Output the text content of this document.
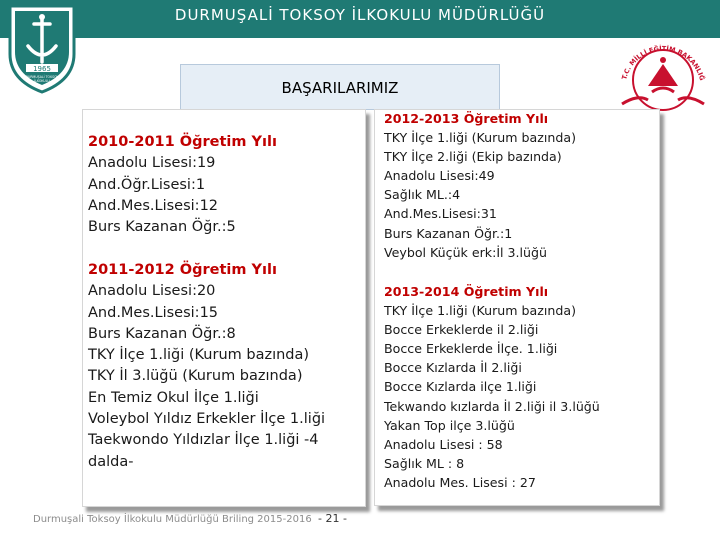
DURMUŞALİ TOKSOY İLKOKULU MÜDÜRLÜĞÜ
1965
DURMUŞALİ TOKSOY
İLKOKULU
T.C. MİLLİ EĞİTİM BAKANLIĞ
BAŞARILARIMIZ
2010-2011 Öğretim Yılı
Anadolu Lisesi:19
And.Öğr.Lisesi:1
And.Mes.Lisesi:12
Burs Kazanan Öğr.:5
2011-2012 Öğretim Yılı
Anadolu Lisesi:20
And.Mes.Lisesi:15
Burs Kazanan Öğr.:8
TKY İlçe 1.liği (Kurum bazında)
TKY İl 3.lüğü (Kurum bazında)
En Temiz Okul İlçe 1.liği
Voleybol Yıldız Erkekler İlçe 1.liği
Taekwondo Yıldızlar İlçe 1.liği -4
dalda-
2012-2013 Öğretim Yılı
TKY İlçe 1.liği (Kurum bazında)
TKY İlçe 2.liği (Ekip bazında)
Anadolu Lisesi:49
Sağlık ML.:4
And.Mes.Lisesi:31
Burs Kazanan Öğr.:1
Veybol Küçük erk:İl 3.lüğü
2013-2014 Öğretim Yılı
TKY İlçe 1.liği (Kurum bazında)
Bocce Erkeklerde il 2.liği
Bocce Erkeklerde İlçe. 1.liği
Bocce Kızlarda İl 2.liği
Bocce Kızlarda ilçe 1.liği
Tekwando kızlarda İl 2.liği il 3.lüğü
Yakan Top ilçe 3.lüğü
Anadolu Lisesi : 58
Sağlık ML : 8
Anadolu Mes. Lisesi : 27
Durmuşali Toksoy İlkokulu Müdürlüğü Briling 2015-2016 - 21 -
